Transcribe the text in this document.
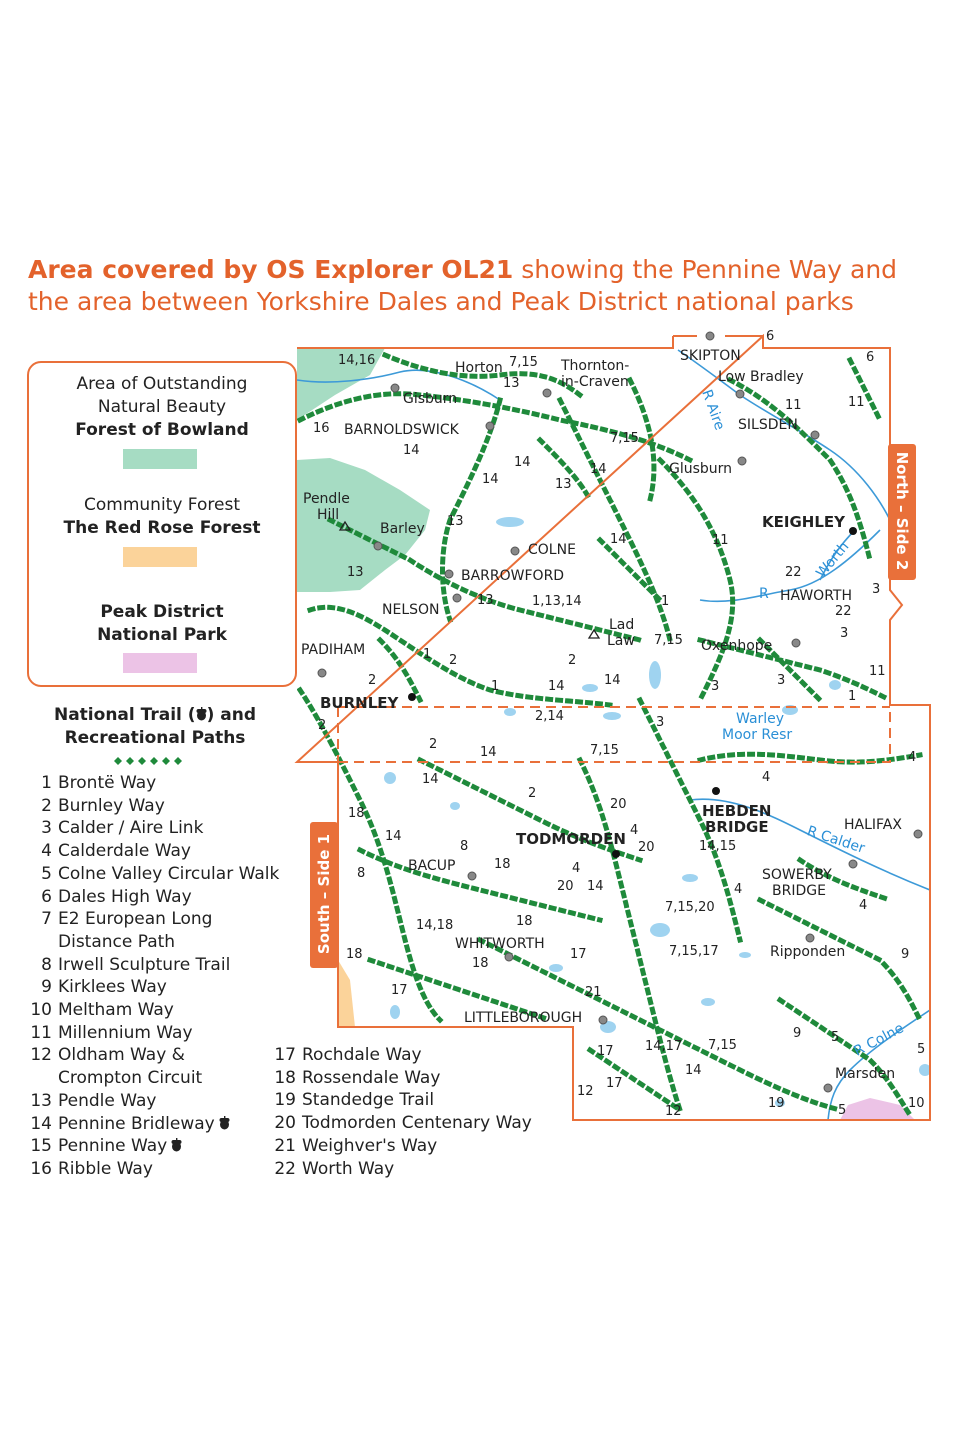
Area covered by OS Explorer OL21 showing the Pennine Way and the area between Yorkshire Dales and Peak District national parks
Area of Outstanding
Natural Beauty
Forest of Bowland
Community Forest
The Red Rose Forest
Peak District
National Park
National Trail ( ) and
Recreational Paths
1 Brontë Way
2 Burnley Way
3 Calder / Aire Link
4 Calderdale Way
5 Colne Valley Circular Walk
6 Dales High Way
7 E2 European Long
Distance Path
8 Irwell Sculpture Trail
9 Kirklees Way
10 Meltham Way
11 Millennium Way
12 Oldham Way &
Crompton Circuit
13 Pendle Way
14 Pennine Bridleway
15 Pennine Way
16 Ribble Way
17 Rochdale Way
18 Rossendale Way
19 Standedge Trail
20 Todmorden Centenary Way
21 Weighver's Way
22 Worth Way
North – Side 2
South – Side 1
SKIPTON
Horton	Thornton-
in-Craven
Gisburn
Low Bradley
SILSDEN
BARNOLDSWICK
Glusburn
Pendle
Hill
Barley	KEIGHLEY
COLNE
BARROWFORD
NELSON
HAWORTH
Lad
Law	Oxenhope
PADIHAM
BURNLEY
Warley
Moor Resr
HEBDEN
BRIDGE	HALIFAX
TODMORDEN
BACUP
R Calder
SOWERBY
BRIDGE
WHITWORTH	Ripponden
LITTLEBOROUGH
R Colne
Marsden
R Aire
Worth
R
14,16	7,15
13
6
6
11	11
16
14
7,15
14	14
13
14
13
14	11
13	22
13	1,13,14	1
3
22
2
7,15	3
1 2
1
2
14	14	3	3
11
1
2
2,14	3
2
14	7,15	4
14	4
18
2
20
14
8
4
20	14,15
18	4
8
20 14	4
7,15,20
14,18	18
4
18
18
17	7,15,17	9
17	21
9 5
17 14,17 7,15	5
12
17
14
12
19	5	10
